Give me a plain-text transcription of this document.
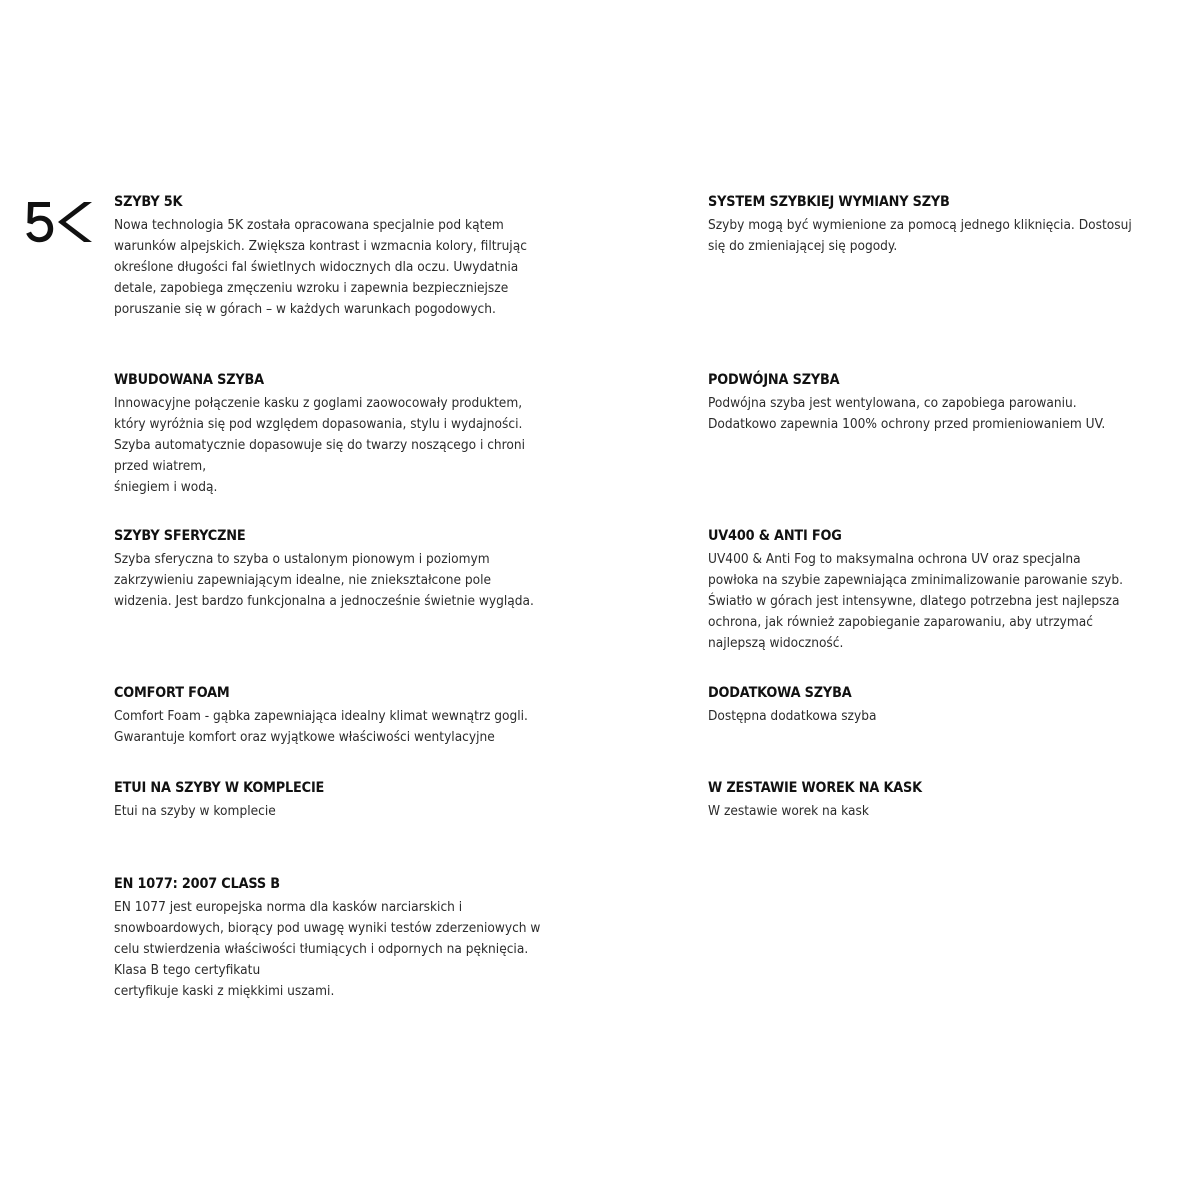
SZYBY 5K

Nowa technologia 5K została opracowana specjalnie pod kątem
warunków alpejskich. Zwiększa kontrast i wzmacnia kolory, filtrując
określone długości fal świetlnych widocznych dla oczu. Uwydatnia
detale, zapobiega zmęczeniu wzroku i zapewnia bezpieczniejsze
poruszanie się w górach – w każdych warunkach pogodowych.

SYSTEM SZYBKIEJ WYMIANY SZYB

Szyby mogą być wymienione za pomocą jednego kliknięcia. Dostosuj
się do zmieniającej się pogody.

WBUDOWANA SZYBA

Innowacyjne połączenie kasku z goglami zaowocowały produktem,
który wyróżnia się pod względem dopasowania, stylu i wydajności.
Szyba automatycznie dopasowuje się do twarzy noszącego i chroni
przed wiatrem,
śniegiem i wodą.

PODWÓJNA SZYBA

Podwójna szyba jest wentylowana, co zapobiega parowaniu.
Dodatkowo zapewnia 100% ochrony przed promieniowaniem UV.

SZYBY SFERYCZNE

Szyba sferyczna to szyba o ustalonym pionowym i poziomym
zakrzywieniu zapewniającym idealne, nie zniekształcone pole
widzenia. Jest bardzo funkcjonalna a jednocześnie świetnie wygląda.

UV400 & ANTI FOG

UV400 & Anti Fog to maksymalna ochrona UV oraz specjalna
powłoka na szybie zapewniająca zminimalizowanie parowanie szyb.
Światło w górach jest intensywne, dlatego potrzebna jest najlepsza
ochrona, jak również zapobieganie zaparowaniu, aby utrzymać
najlepszą widoczność.

COMFORT FOAM

Comfort Foam - gąbka zapewniająca idealny klimat wewnątrz gogli.
Gwarantuje komfort oraz wyjątkowe właściwości wentylacyjne

DODATKOWA SZYBA

Dostępna dodatkowa szyba

ETUI NA SZYBY W KOMPLECIE

Etui na szyby w komplecie

W ZESTAWIE WOREK NA KASK

W zestawie worek na kask

EN 1077: 2007 CLASS B

EN 1077 jest europejska norma dla kasków narciarskich i
snowboardowych, biorący pod uwagę wyniki testów zderzeniowych w
celu stwierdzenia właściwości tłumiących i odpornych na pęknięcia.
Klasa B tego certyfikatu
certyfikuje kaski z miękkimi uszami.
